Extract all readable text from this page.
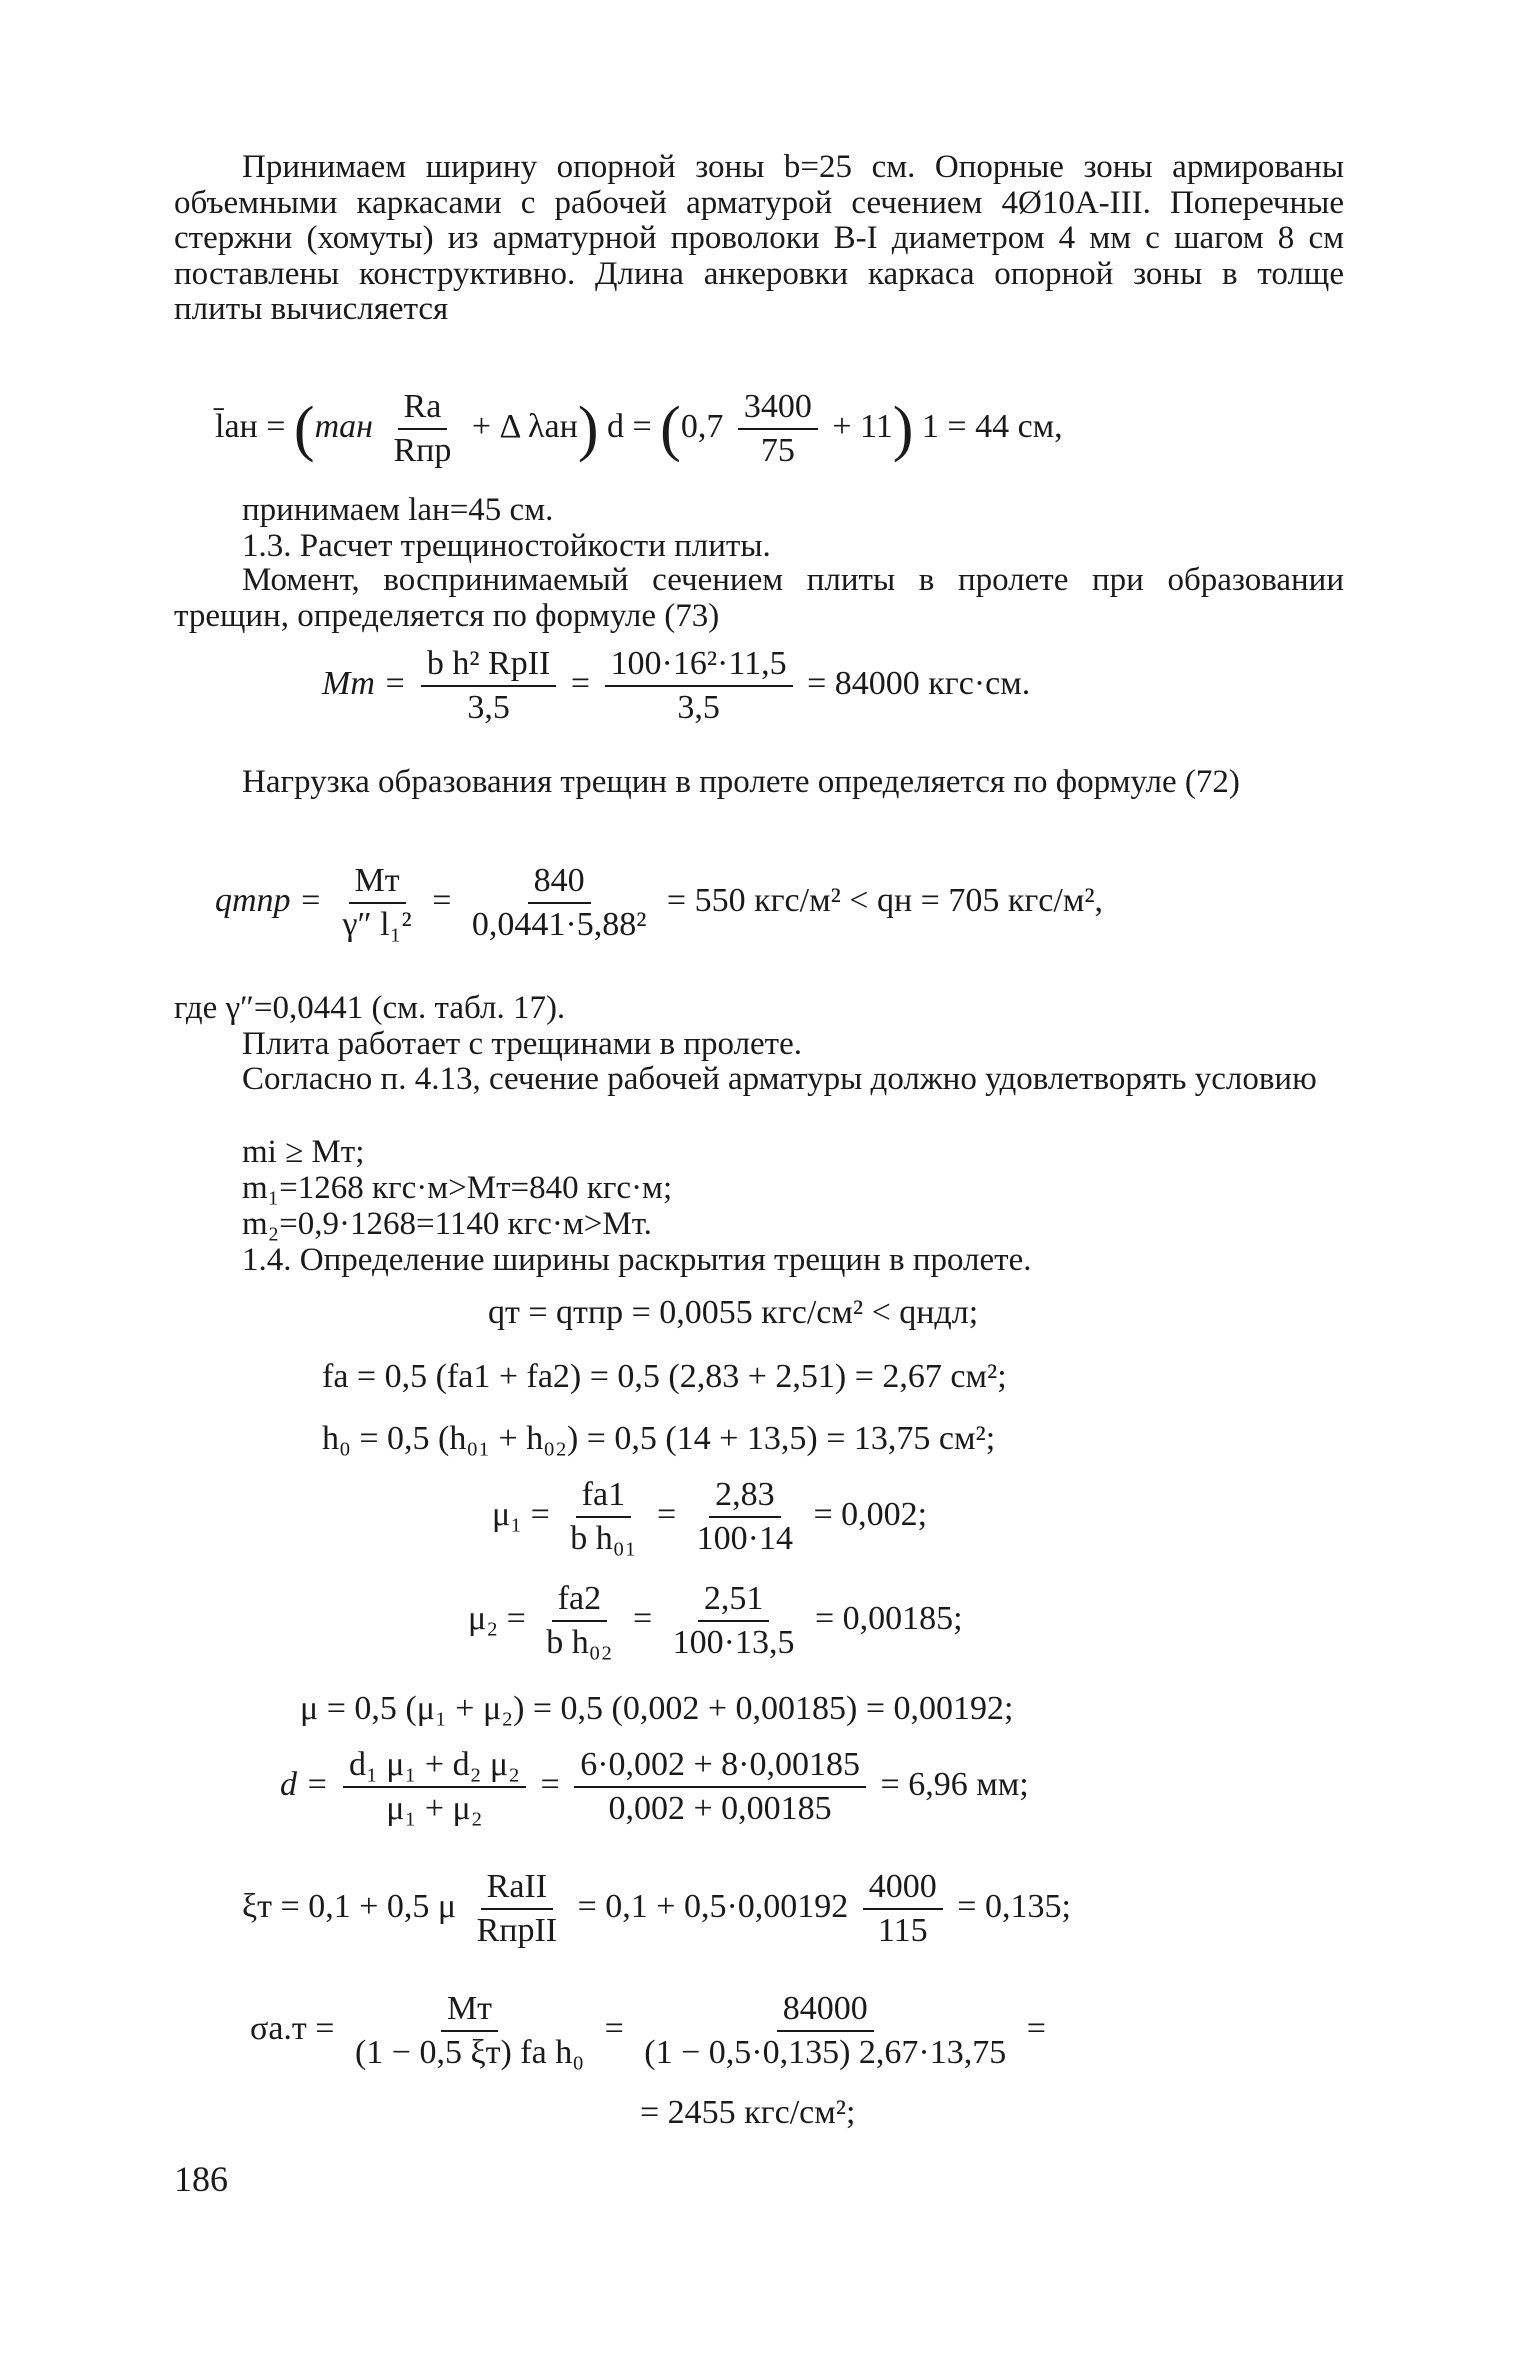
Принимаем ширину опорной зоны b=25 см. Опорные зоны армированы объемными каркасами с рабочей арматурой сечением 4Ø10А-III. Поперечные стержни (хомуты) из арматурной проволоки В-I диаметром 4 мм с шагом 8 см поставлены конструктивно. Длина анкеровки каркаса опорной зоны в толще плиты вычисляется

l̄ан = ($mан \frac{Rа}{\text{Rпр}} + \Delta$ λан) $d = (0,7 \frac{3400}{75} + 11)$ 1 = 44 см,
принимаем lан=45 см.
1.3. Расчет трещиностойкости плиты.

Момент, воспринимаемый сечением плиты в пролете при образовании трещин, определяется по формуле (73)

Mт = $\frac{\text{b h² RpII}}{3,5} = \frac{\text{100·16²·11,5}}{3,5} = 84000$ кгс·см.

Нагрузка образования трещин в пролете определяется по формуле (72)

qтпр = $\frac{Mт}{\text{γ″ l₁²}} = \frac{840}{\text{0,0441·5,88²}} = 550$ кгс/м² < qн = 705 кгс/м²,
где γ″=0,0441 (см. табл. 17).
Плита работает с трещинами в пролете.

Согласно п. 4.13, сечение рабочей арматуры должно удовлетворять условию

mi ≥ Mт;
m₁=1268 кгс·м>Mт=840 кгс·м;
m₂=0,9·1268=1140 кгс·м>Mт.
1.4. Определение ширины раскрытия трещин в пролете.
qт = qтпр = 0,0055 кгс/см² < qндл;
fа = 0,5 (fа1 + fа2) = 0,5 (2,83 + 2,51) = 2,67 см²;
h₀ = 0,5 (h₀₁ + h₀₂) = 0,5 (14 + 13,5) = 13,75 см²;
$\mu_1 = \frac{fа1}{\text{b h₀₁}} = \frac{2,83}{100\cdot 14} = 0,002$;
$\mu_2 = \frac{fа2}{\text{b h₀₂}} = \frac{2,51}{100\cdot 13,5} = 0,00185$;
μ = 0,5 (μ₁ + μ₂) = 0,5 (0,002 + 0,00185) = 0,00192;
$d = \frac{\text{d₁ μ₁ + d₂ μ₂}}{\text{μ₁ + μ₂}} = \frac{6\cdot 0,002 + 8\cdot 0,00185}{0,002 + 0,00185} = 6,96$ мм;
ξт = 0,1 + 0,5 μ $\frac{\text{RаII}}{\text{RпрII}} = 0,1 + 0,5\cdot 0,00192 \frac{4000}{115} = 0,135$;
$\sigma а.т = \frac{Mт}{\text{(1 − 0,5 ξт) fа h₀}} = \frac{84000}{(1 - 0,5\cdot 0,135) 2,67\cdot 13,75}$ =
= 2455 кгс/см²;
186
